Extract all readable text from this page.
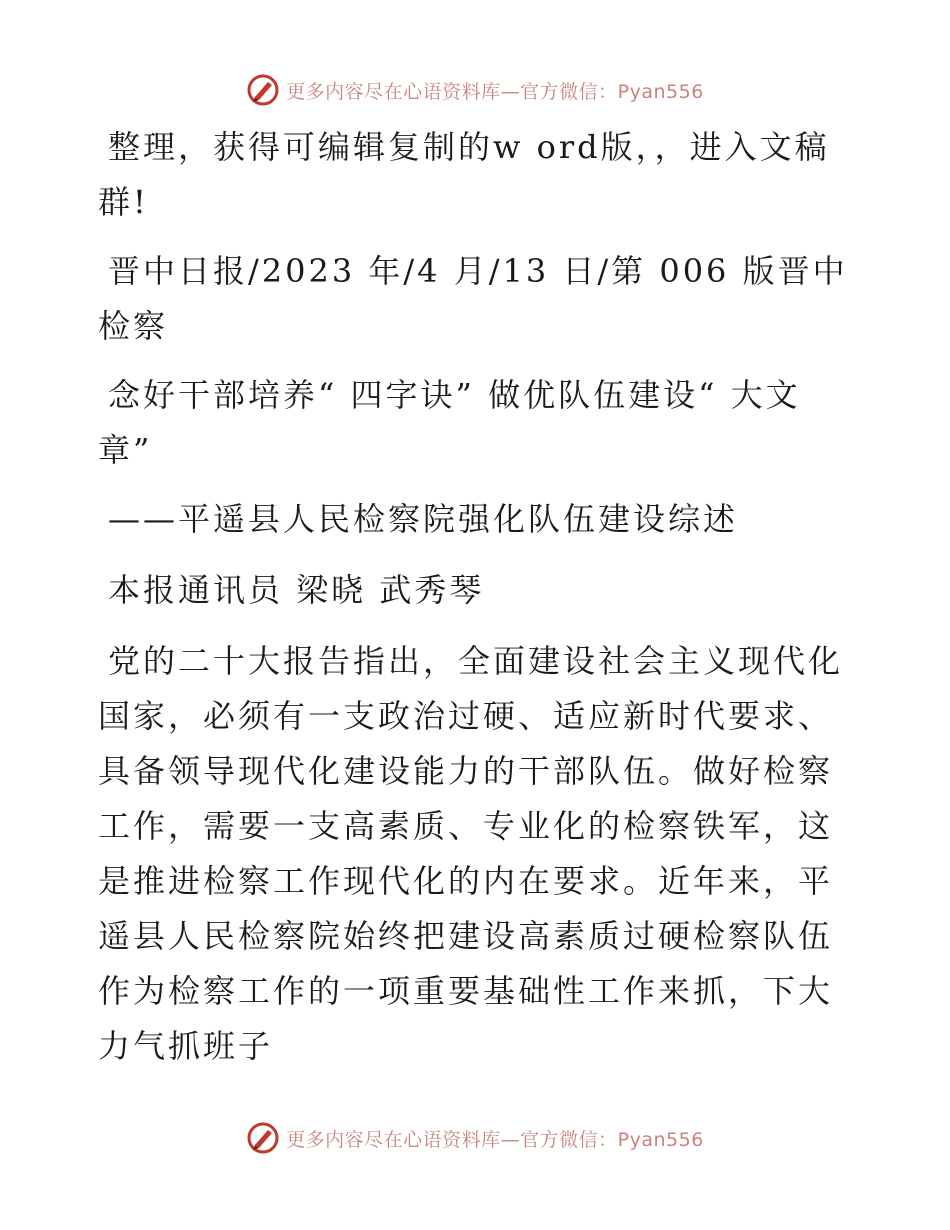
更多内容尽在心语资料库—官方微信：Pyan556

整理，获得可编辑复制的w ord版，，进入文稿群!

晋中日报/2023 年/4 月/13 日/第 006 版晋中检察

念好干部培养“ 四字诀” 做优队伍建设“ 大文章”

——平遥县人民检察院强化队伍建设综述

本报通讯员 梁晓 武秀琴

党的二十大报告指出，全面建设社会主义现代化国家，必须有一支政治过硬、适应新时代要求、具备领导现代化建设能力的干部队伍。做好检察工作，需要一支高素质、专业化的检察铁军，这是推进检察工作现代化的内在要求。近年来，平遥县人民检察院始终把建设高素质过硬检察队伍作为检察工作的一项重要基础性工作来抓，下大力气抓班子

更多内容尽在心语资料库—官方微信：Pyan556
